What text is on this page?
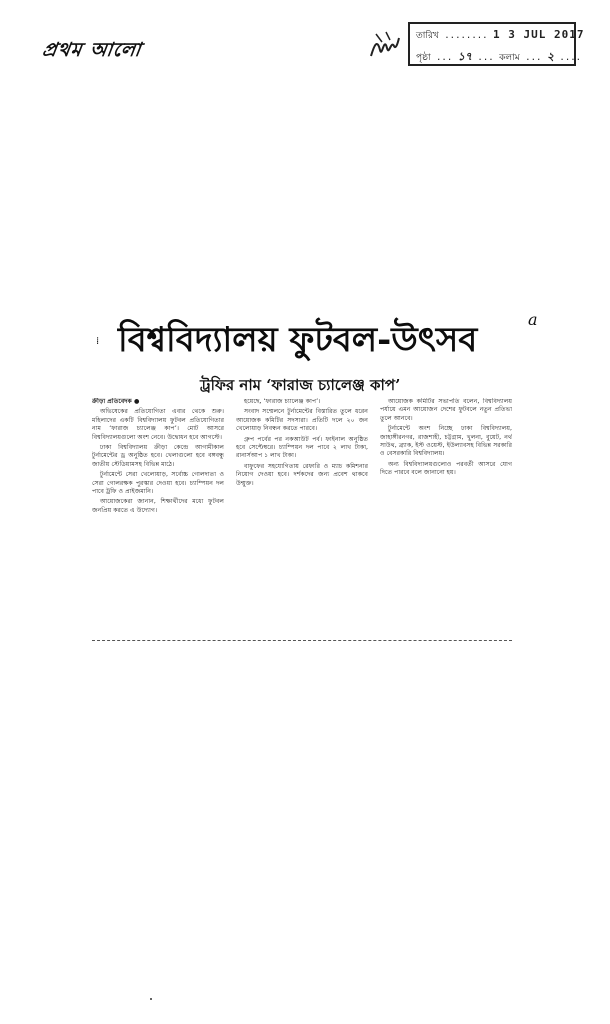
প্রথম আলো
তারিখ ........ 1 3 JUL 2017
পৃষ্ঠা ... ১৭ ... কলাম ... ২ ....
⁞ বিশ্ববিদ্যালয় ফুটবল-উৎসব
а
ট্রফির নাম ‘ফারাজ চ্যালেঞ্জ কাপ’

ক্রীড়া প্রতিবেদক ●

অভিষেকের প্রতিযোগিতা এবার থেকে শুরু। মহিলাদের একটি বিশ্ববিদ্যালয় ফুটবল প্রতিযোগিতার নাম ‘ফারাজ চ্যালেঞ্জ কাপ’। মোট আসরে বিশ্ববিদ্যালয়গুলো অংশ নেবে। উদ্বোধন হবে আগস্টে।

ঢাকা বিশ্ববিদ্যালয় ক্রীড়া কেন্দ্রে আগামীকাল টুর্নামেন্টের ড্র অনুষ্ঠিত হবে। খেলাগুলো হবে বঙ্গবন্ধু জাতীয় স্টেডিয়ামসহ বিভিন্ন মাঠে।

টুর্নামেন্টে সেরা খেলোয়াড়, সর্বোচ্চ গোলদাতা ও সেরা গোলরক্ষক পুরস্কার দেওয়া হবে। চ্যাম্পিয়ন দল পাবে ট্রফি ও প্রাইজমানি।

আয়োজকেরা জানান, শিক্ষার্থীদের মধ্যে ফুটবল জনপ্রিয় করতে এ উদ্যোগ।

হয়েছে, ‘ফারাজ চ্যালেঞ্জ কাপ’।

সংবাদ সম্মেলনে টুর্নামেন্টের বিস্তারিত তুলে ধরেন আয়োজক কমিটির সদস্যরা। প্রতিটি দলে ২০ জন খেলোয়াড় নিবন্ধন করতে পারবে।

গ্রুপ পর্বের পর নকআউট পর্ব। ফাইনাল অনুষ্ঠিত হবে সেপ্টেম্বরে। চ্যাম্পিয়ন দল পাবে ২ লাখ টাকা, রানার্সআপ ১ লাখ টাকা।

বাফুফের সহযোগিতায় রেফারি ও ম্যাচ কমিশনার নিয়োগ দেওয়া হবে। দর্শকদের জন্য প্রবেশ থাকবে উন্মুক্ত।

আয়োজক কমিটির সভাপতি বলেন, বিশ্ববিদ্যালয় পর্যায়ে এমন আয়োজন দেশের ফুটবলে নতুন প্রতিভা তুলে আনবে।

টুর্নামেন্টে অংশ নিচ্ছে ঢাকা বিশ্ববিদ্যালয়, জাহাঙ্গীরনগর, রাজশাহী, চট্টগ্রাম, খুলনা, বুয়েট, নর্থ সাউথ, ব্র্যাক, ইস্ট ওয়েস্ট, ইউল্যাবসহ বিভিন্ন সরকারি ও বেসরকারি বিশ্ববিদ্যালয়।

অন্য বিশ্ববিদ্যালয়গুলোও পরবর্তী আসরে যোগ দিতে পারবে বলে জানানো হয়।
